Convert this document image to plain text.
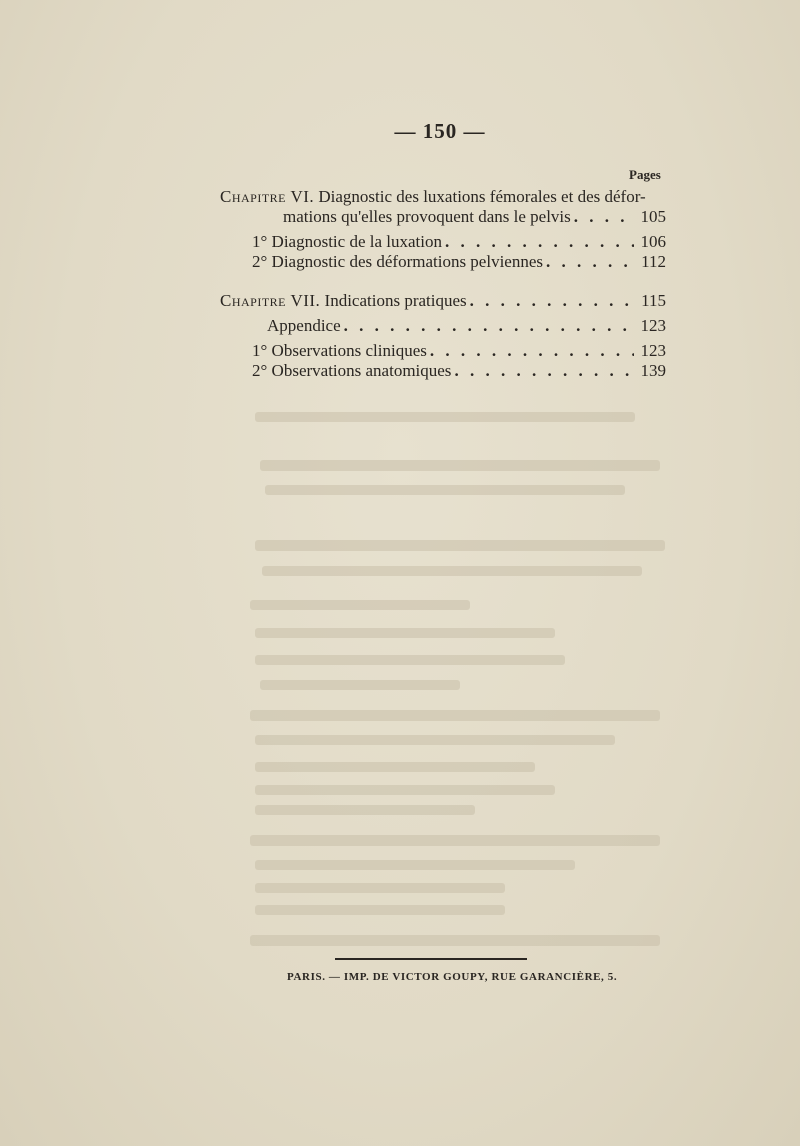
— 150 —
Pages
Chapitre VI. Diagnostic des luxations fémorales et des défor-
mations qu'elles provoquent dans le pelvis . . .	105
1° Diagnostic de la luxation . . .	106
2° Diagnostic des déformations pelviennes . . .	112
Chapitre VII. Indications pratiques . . .	115
Appendice . . .	123
1° Observations cliniques . . .	123
2° Observations anatomiques . . .	139
PARIS. — IMP. DE VICTOR GOUPY, RUE GARANCIÈRE, 5.
